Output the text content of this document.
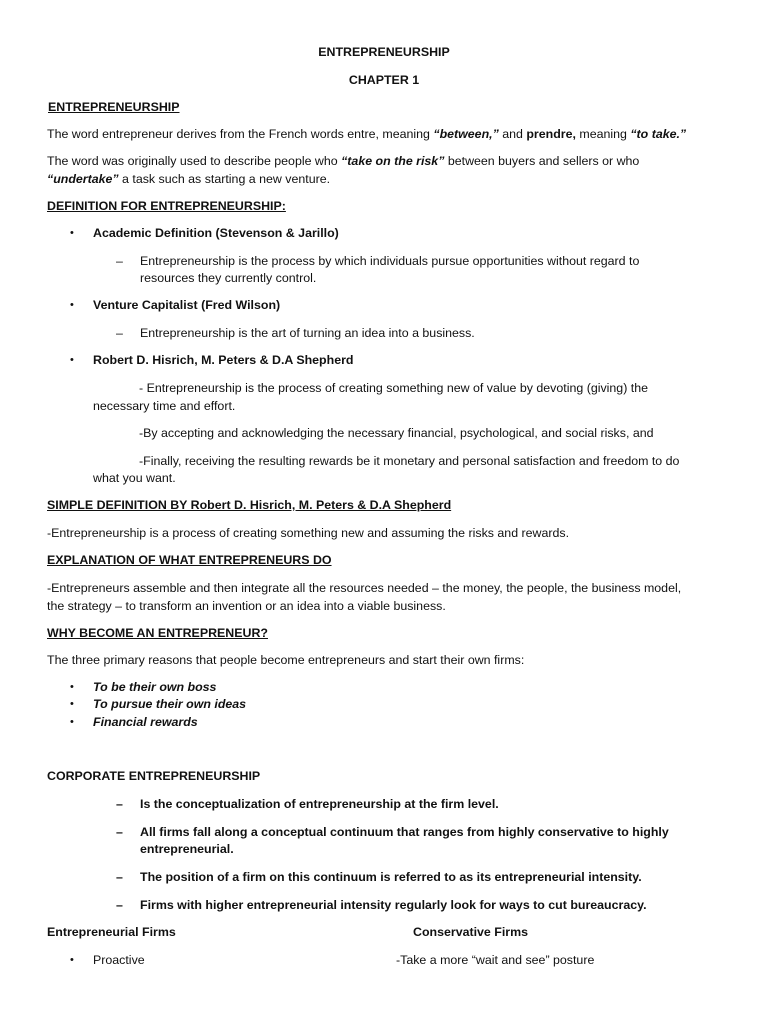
ENTREPRENEURSHIP
CHAPTER 1
ENTREPRENEURSHIP
The word entrepreneur derives from the French words entre, meaning “between,” and prendre, meaning “to take.”
The word was originally used to describe people who “take on the risk” between buyers and sellers or who
“undertake” a task such as starting a new venture.
DEFINITION FOR ENTREPRENEURSHIP:
• Academic Definition (Stevenson & Jarillo)
– Entrepreneurship is the process by which individuals pursue opportunities without regard to
resources they currently control.
• Venture Capitalist (Fred Wilson)
– Entrepreneurship is the art of turning an idea into a business.
• Robert D. Hisrich, M. Peters & D.A Shepherd
- Entrepreneurship is the process of creating something new of value by devoting (giving) the
necessary time and effort.
-By accepting and acknowledging the necessary financial, psychological, and social risks, and
-Finally, receiving the resulting rewards be it monetary and personal satisfaction and freedom to do
what you want.
SIMPLE DEFINITION BY Robert D. Hisrich, M. Peters & D.A Shepherd
-Entrepreneurship is a process of creating something new and assuming the risks and rewards.
EXPLANATION OF WHAT ENTREPRENEURS DO
-Entrepreneurs assemble and then integrate all the resources needed – the money, the people, the business model,
the strategy – to transform an invention or an idea into a viable business.
WHY BECOME AN ENTREPRENEUR?
The three primary reasons that people become entrepreneurs and start their own firms:
• To be their own boss
• To pursue their own ideas
• Financial rewards
CORPORATE ENTREPRENEURSHIP
– Is the conceptualization of entrepreneurship at the firm level.
– All firms fall along a conceptual continuum that ranges from highly conservative to highly
entrepreneurial.
– The position of a firm on this continuum is referred to as its entrepreneurial intensity.
– Firms with higher entrepreneurial intensity regularly look for ways to cut bureaucracy.
Entrepreneurial Firms	Conservative Firms
• Proactive	-Take a more “wait and see” posture
